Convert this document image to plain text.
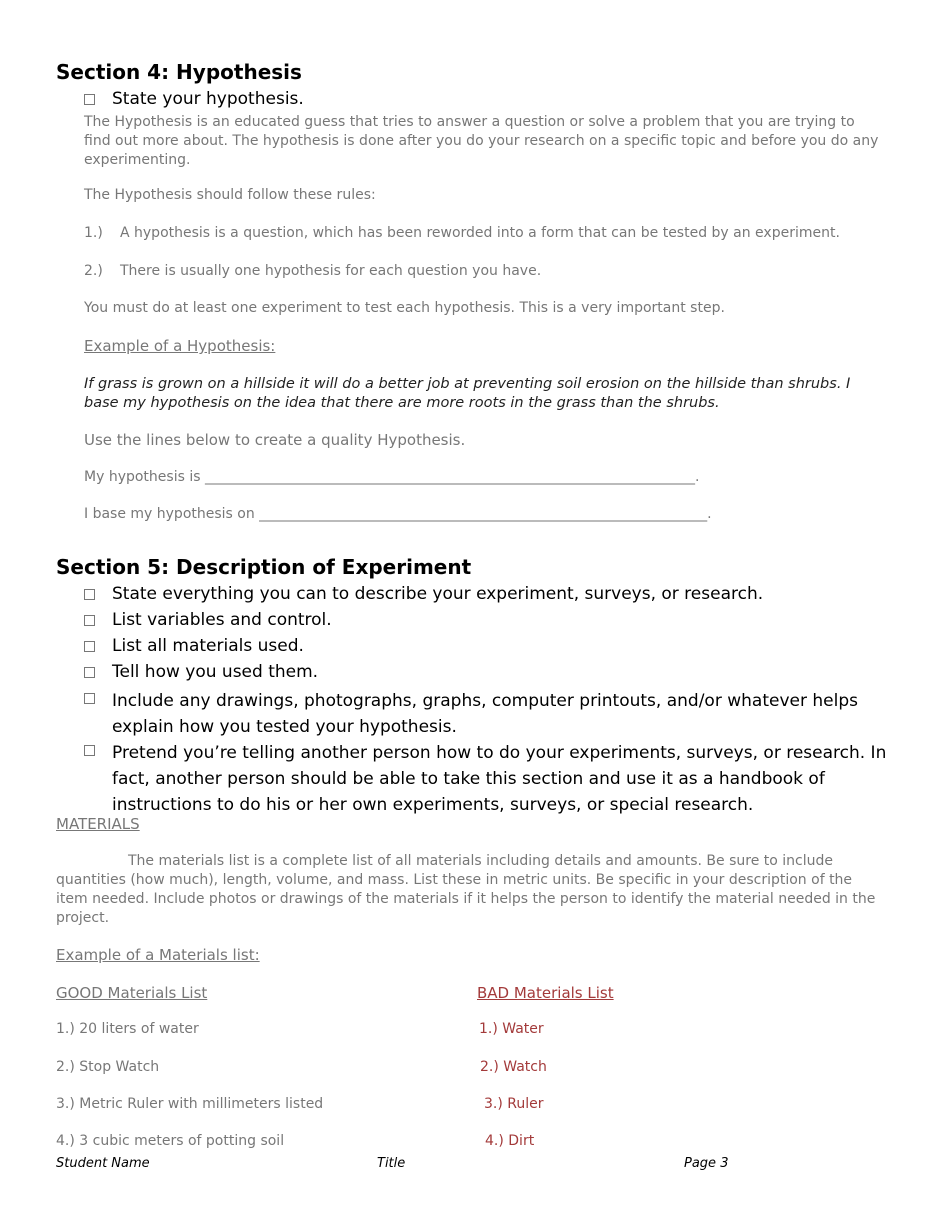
Section 4: Hypothesis
State your hypothesis.
The Hypothesis is an educated guess that tries to answer a question or solve a problem that you are trying to find out more about. The hypothesis is done after you do your research on a specific topic and before you do any experimenting.
The Hypothesis should follow these rules:
1.) A hypothesis is a question, which has been reworded into a form that can be tested by an experiment.
2.) There is usually one hypothesis for each question you have.
You must do at least one experiment to test each hypothesis. This is a very important step.
Example of a Hypothesis:
If grass is grown on a hillside it will do a better job at preventing soil erosion on the hillside than shrubs. I base my hypothesis on the idea that there are more roots in the grass than the shrubs.
Use the lines below to create a quality Hypothesis.
My hypothesis is ______________________________________________________________________.
I base my hypothesis on ________________________________________________________________.
Section 5: Description of Experiment
State everything you can to describe your experiment, surveys, or research.
List variables and control.
List all materials used.
Tell how you used them.
Include any drawings, photographs, graphs, computer printouts, and/or whatever helps explain how you tested your hypothesis.
Pretend you’re telling another person how to do your experiments, surveys, or research. In fact, another person should be able to take this section and use it as a handbook of instructions to do his or her own experiments, surveys, or special research.
MATERIALS
The materials list is a complete list of all materials including details and amounts. Be sure to include quantities (how much), length, volume, and mass. List these in metric units. Be specific in your description of the item needed. Include photos or drawings of the materials if it helps the person to identify the material needed in the project.
Example of a Materials list:
GOOD Materials List	BAD Materials List
1.) 20 liters of water	1.) Water
2.) Stop Watch	2.) Watch
3.) Metric Ruler with millimeters listed	3.) Ruler
4.) 3 cubic meters of potting soil	4.) Dirt
Student Name	Title	Page 3
